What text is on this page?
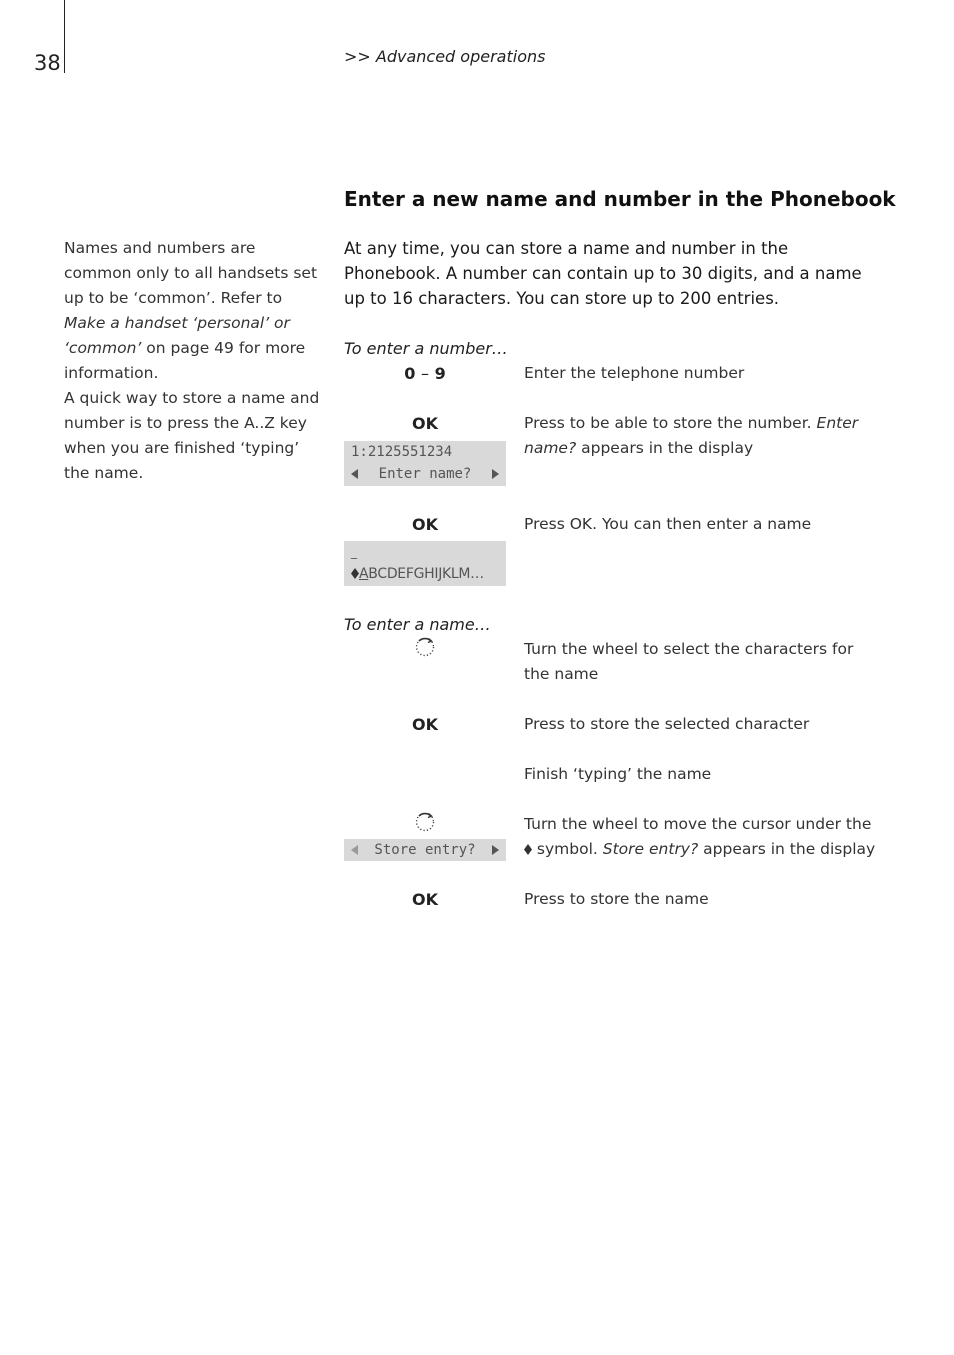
38	>> Advanced operations
Enter a new name and number in the Phonebook
Names and numbers are common only to all handsets set up to be ‘common’. Refer to Make a handset ‘personal’ or ‘common’ on page 49 for more information.
A quick way to store a name and number is to press the A..Z key when you are finished ‘typing’ the name.
At any time, you can store a name and number in the Phonebook. A number can contain up to 30 digits, and a name up to 16 characters. You can store up to 200 entries.
To enter a number…
0 – 9	Enter the telephone number
OK	Press to be able to store the number. Enter name? appears in the display
1:2125551234
Enter name?
OK	Press OK. You can then enter a name
_
ABCDEFGHIJKLM…
To enter a name…
Turn the wheel to select the characters for the name
OK	Press to store the selected character
Finish ‘typing’ the name
Turn the wheel to move the cursor under the  symbol. Store entry? appears in the display
Store entry?
OK	Press to store the name
